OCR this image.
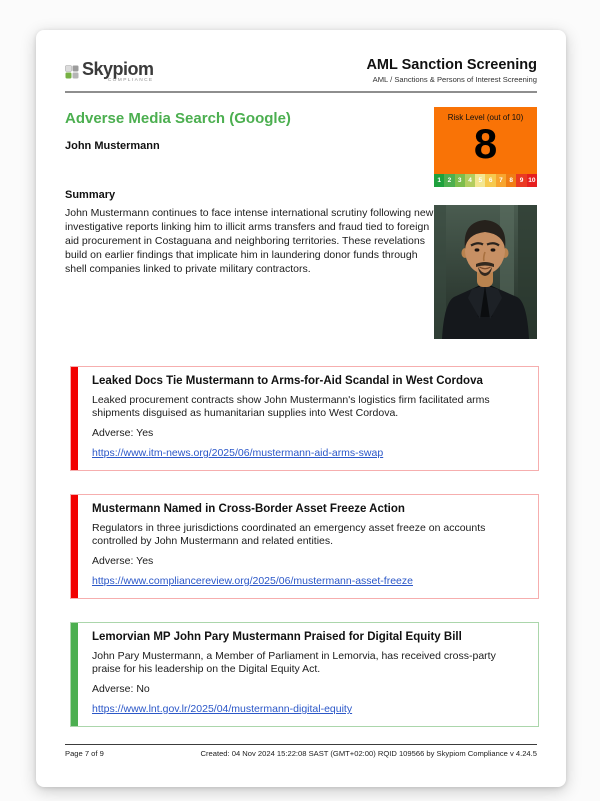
Skypiom
COMPLIANCE
AML Sanction Screening
AML / Sanctions & Persons of Interest Screening
Adverse Media Search (Google)
John Mustermann
Summary
John Mustermann continues to face intense international scrutiny following new investigative reports linking him to illicit arms transfers and fraud tied to foreign aid procurement in Costaguana and neighboring territories. These revelations build on earlier findings that implicate him in laundering donor funds through shell companies linked to private military contractors.
Risk Level (out of 10)
8
1	2	3	4	5	6	7	8	9 10
Leaked Docs Tie Mustermann to Arms-for-Aid Scandal in West Cordova
Leaked procurement contracts show John Mustermann's logistics firm facilitated arms shipments disguised as humanitarian supplies into West Cordova.
Adverse: Yes
https://www.itm-news.org/2025/06/mustermann-aid-arms-swap
Mustermann Named in Cross-Border Asset Freeze Action
Regulators in three jurisdictions coordinated an emergency asset freeze on accounts controlled by John Mustermann and related entities.
Adverse: Yes
https://www.compliancereview.org/2025/06/mustermann-asset-freeze
Lemorvian MP John Pary Mustermann Praised for Digital Equity Bill
John Pary Mustermann, a Member of Parliament in Lemorvia, has received cross-party praise for his leadership on the Digital Equity Act.
Adverse: No
https://www.lnt.gov.lr/2025/04/mustermann-digital-equity
Page 7 of 9	Created: 04 Nov 2024 15:22:08 SAST (GMT+02:00) RQID 109566 by Skypiom Compliance v 4.24.5
